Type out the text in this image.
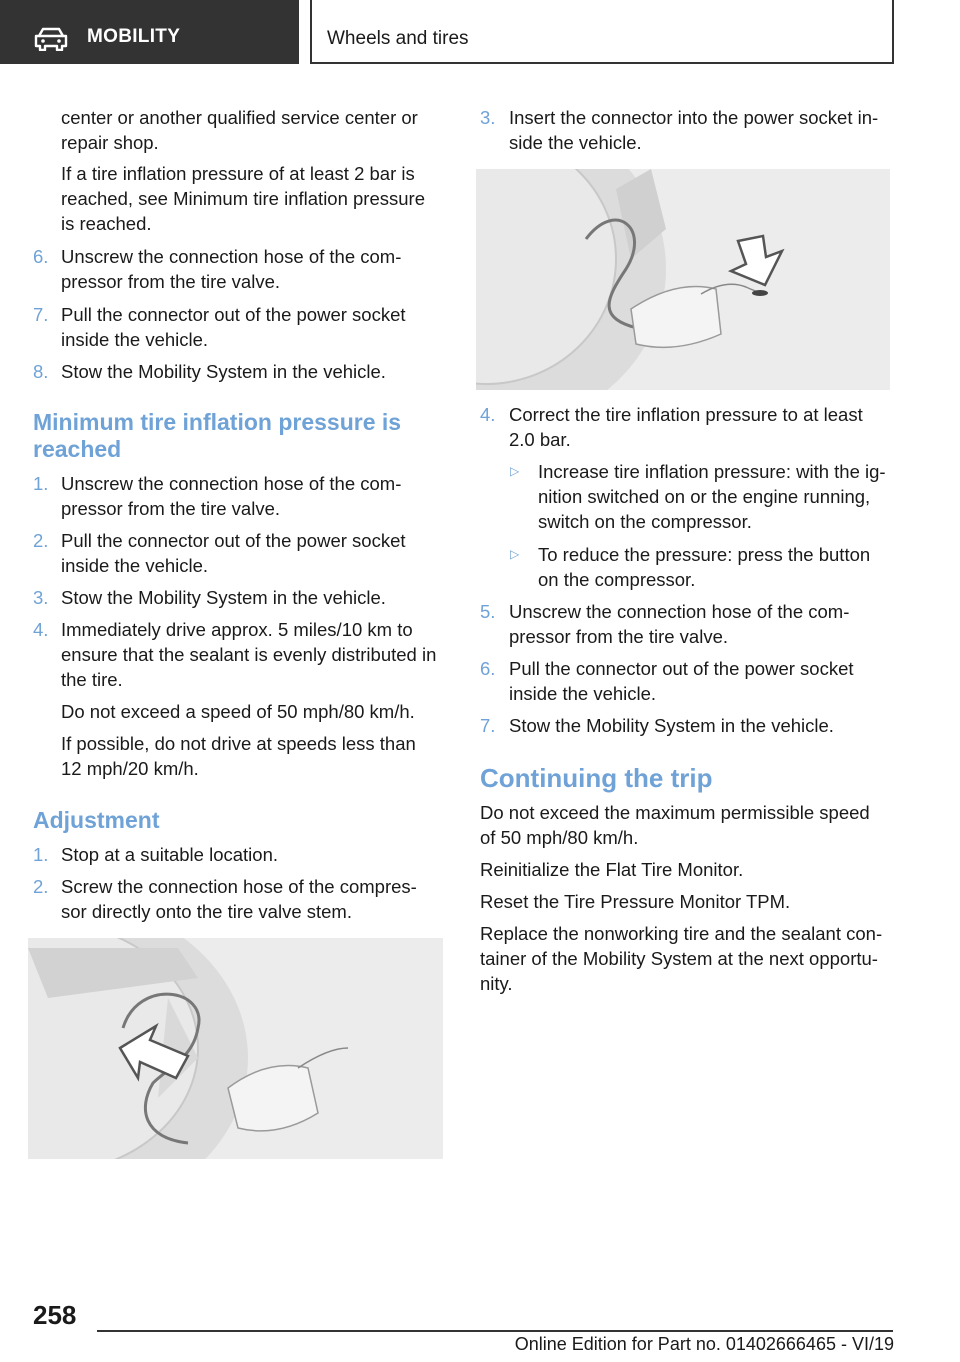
MOBILITY	Wheels and tires
center or another qualified service center or
repair shop.
If a tire inflation pressure of at least 2 bar is
reached, see Minimum tire inflation pressure
is reached.
6. Unscrew the connection hose of the com-
pressor from the tire valve.
7. Pull the connector out of the power socket
inside the vehicle.
8. Stow the Mobility System in the vehicle.
Minimum tire inflation pressure is
reached
1. Unscrew the connection hose of the com-
pressor from the tire valve.
2. Pull the connector out of the power socket
inside the vehicle.
3. Stow the Mobility System in the vehicle.
4. Immediately drive approx. 5 miles/10 km to
ensure that the sealant is evenly distributed in
the tire.
Do not exceed a speed of 50 mph/80 km/h.
If possible, do not drive at speeds less than
12 mph/20 km/h.
Adjustment
1. Stop at a suitable location.
2. Screw the connection hose of the compres-
sor directly onto the tire valve stem.
3. Insert the connector into the power socket in-
side the vehicle.
4. Correct the tire inflation pressure to at least
2.0 bar.
▷ Increase tire inflation pressure: with the ig-
nition switched on or the engine running,
switch on the compressor.
▷ To reduce the pressure: press the button
on the compressor.
5. Unscrew the connection hose of the com-
pressor from the tire valve.
6. Pull the connector out of the power socket
inside the vehicle.
7. Stow the Mobility System in the vehicle.
Continuing the trip
Do not exceed the maximum permissible speed
of 50 mph/80 km/h.
Reinitialize the Flat Tire Monitor.
Reset the Tire Pressure Monitor TPM.
Replace the nonworking tire and the sealant con-
tainer of the Mobility System at the next opportu-
nity.
258
Online Edition for Part no. 01402666465 - VI/19
